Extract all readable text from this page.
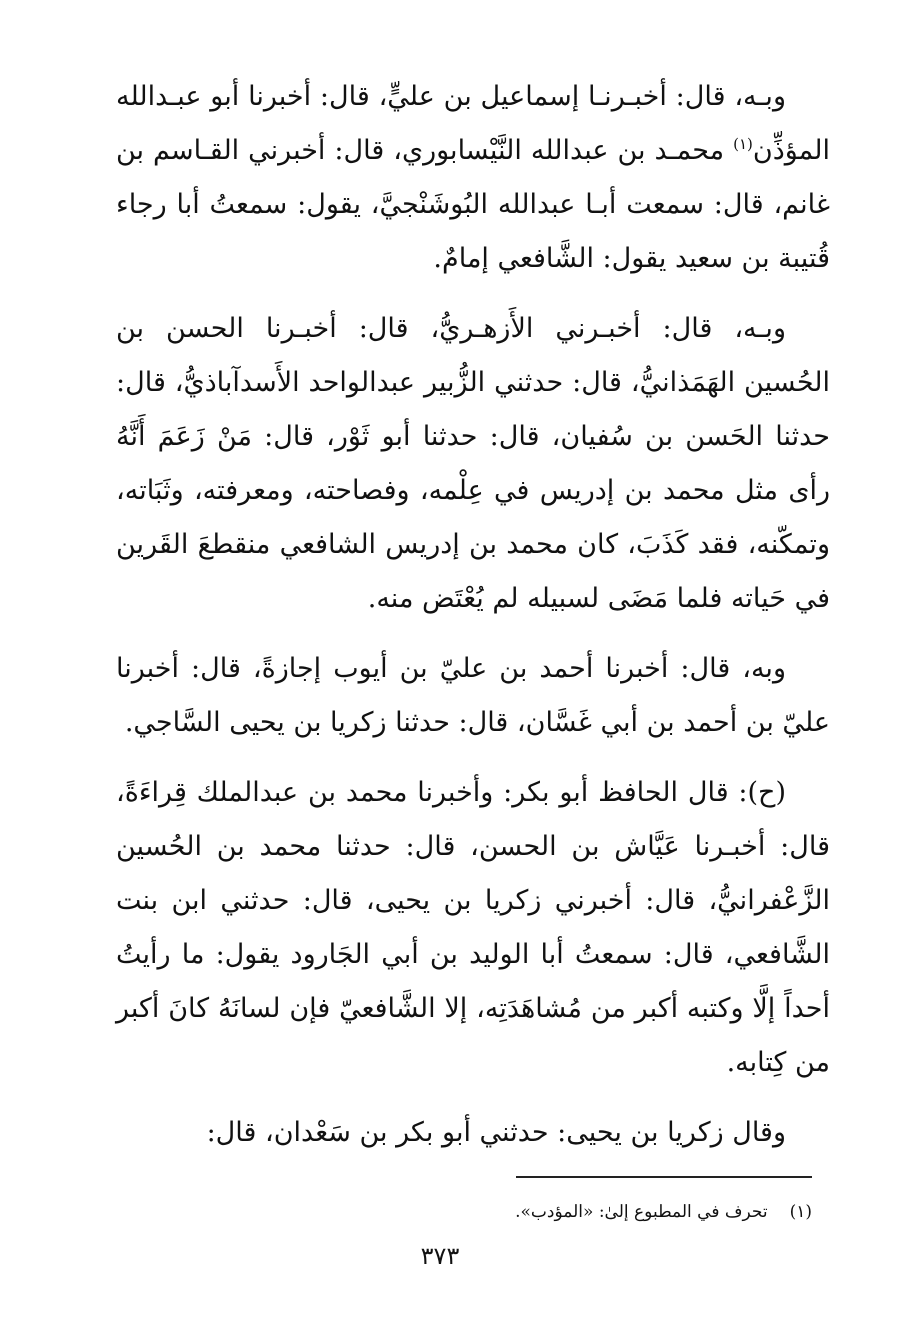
وبـه، قال: أخبـرنـا إسماعيل بن عليٍّ، قال: أخبرنا أبو عبـدالله المؤذِّن$^{(١)}$ محمـد بن عبدالله النَّيْسابوري، قال: أخبرني القـاسم بن غانم، قال: سمعت أبـا عبدالله البُوشَنْجيَّ، يقول: سمعتُ أبا رجاء قُتيبة بن سعيد يقول: الشَّافعي إمامٌ.

وبـه، قال: أخبـرني الأَزهـريُّ، قال: أخبـرنا الحسن بن الحُسين الهَمَذانيُّ، قال: حدثني الزُّبير عبدالواحد الأَسدآباذيُّ، قال: حدثنا الحَسن بن سُفيان، قال: حدثنا أبو ثَوْر، قال: مَنْ زَعَمَ أَنَّهُ رأى مثل محمد بن إدريس في عِلْمه، وفصاحته، ومعرفته، وثَبَاته، وتمكّنه، فقد كَذَبَ، كان محمد بن إدريس الشافعي منقطعَ القَرين في حَياته فلما مَضَى لسبيله لم يُعْتَض منه.

وبه، قال: أخبرنا أحمد بن عليّ بن أيوب إجازةً، قال: أخبرنا عليّ بن أحمد بن أبي غَسَّان، قال: حدثنا زكريا بن يحيى السَّاجي.

(ح): قال الحافظ أبو بكر: وأخبرنا محمد بن عبدالملك قِراءَةً، قال: أخبـرنا عَيَّاش بن الحسن، قال: حدثنا محمد بن الحُسين الزَّعْفرانيُّ، قال: أخبرني زكريا بن يحيى، قال: حدثني ابن بنت الشَّافعي، قال: سمعتُ أبا الوليد بن أبي الجَارود يقول: ما رأيتُ أحداً إلَّا وكتبه أكبر من مُشاهَدَتِه، إلا الشَّافعيّ فإن لسانَهُ كانَ أكبر من كِتابه.

وقال زكريا بن يحيى: حدثني أبو بكر بن سَعْدان، قال:

(١)تحرف في المطبوع إلىٰ: «المؤدب».
٣٧٣
